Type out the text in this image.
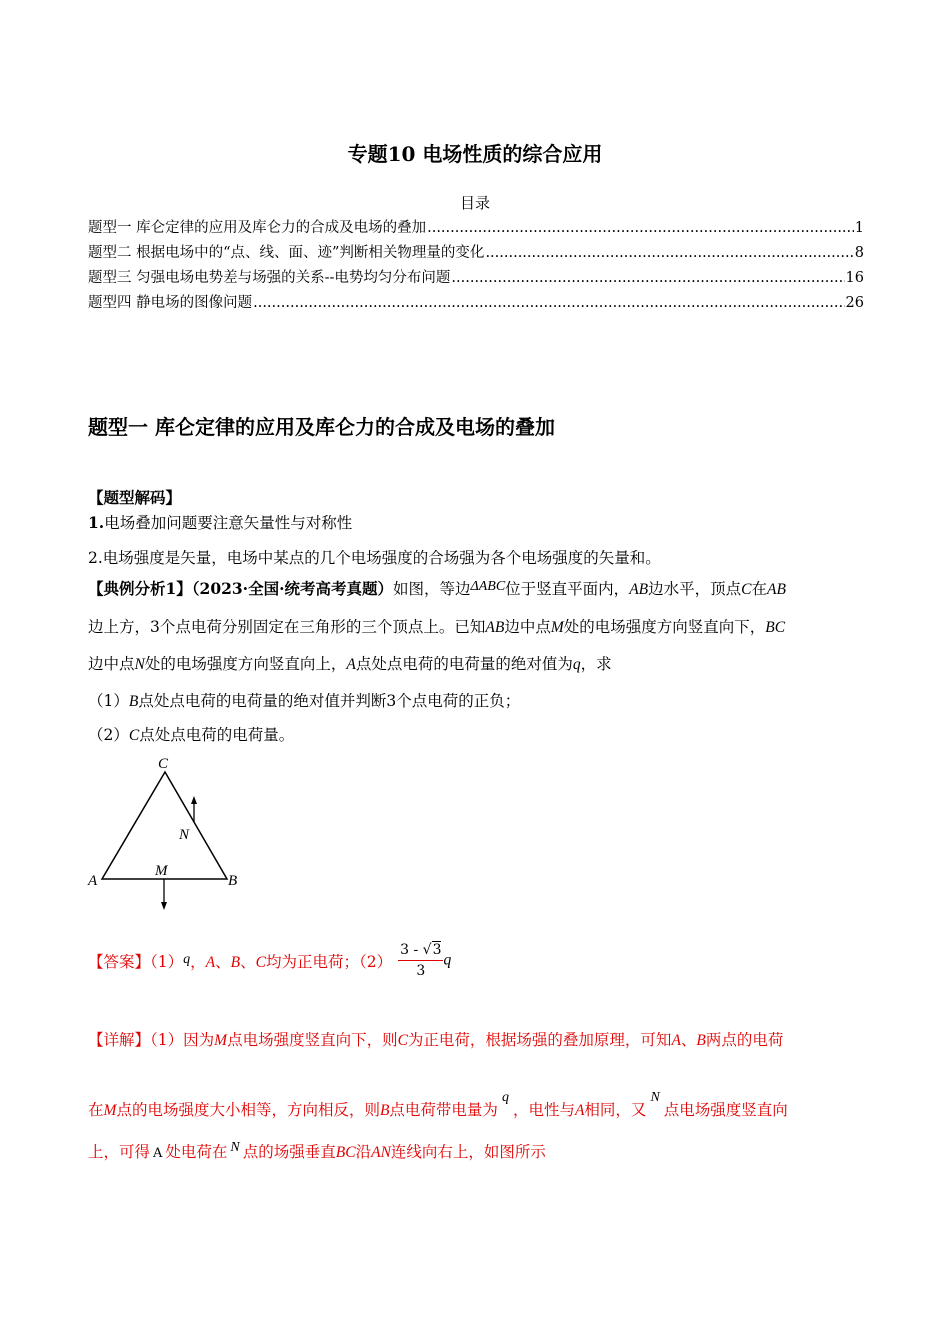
专题10 电场性质的综合应用
目录
题型一 库仑定律的应用及库仑力的合成及电场的叠加 .....	1
题型二 根据电场中的“点、线、面、迹”判断相关物理量的变化 .....	8
题型三 匀强电场电势差与场强的关系--电势均匀分布问题 .....	16
题型四 静电场的图像问题 .....	26
题型一 库仑定律的应用及库仑力的合成及电场的叠加
【题型解码】
1.电场叠加问题要注意矢量性与对称性
2.电场强度是矢量，电场中某点的几个电场强度的合场强为各个电场强度的矢量和。
【典例分析1】（2023·全国·统考高考真题）如图，等边ΔABC位于竖直平面内，AB边水平，顶点C在AB
边上方，3个点电荷分别固定在三角形的三个顶点上。已知AB边中点M处的电场强度方向竖直向下，BC
边中点N处的电场强度方向竖直向上，A点处点电荷的电荷量的绝对值为q，求
（1）B点处点电荷的电荷量的绝对值并判断3个点电荷的正负；
（2）C点处点电荷的电荷量。
C
N
M
A	B
【答案】（1）q，A、B、C均为正电荷；$(2) \frac{3 - √3}{3}$ q
【详解】（1）因为M点电场强度竖直向下，则C为正电荷，根据场强的叠加原理，可知A、B两点的电荷
在M点的电场强度大小相等，方向相反，则B点电荷带电量为q，电性与A相同，又N点电场强度竖直向
上，可得 A 处电荷在 N 点的场强垂直BC沿AN连线向右上，如图所示
